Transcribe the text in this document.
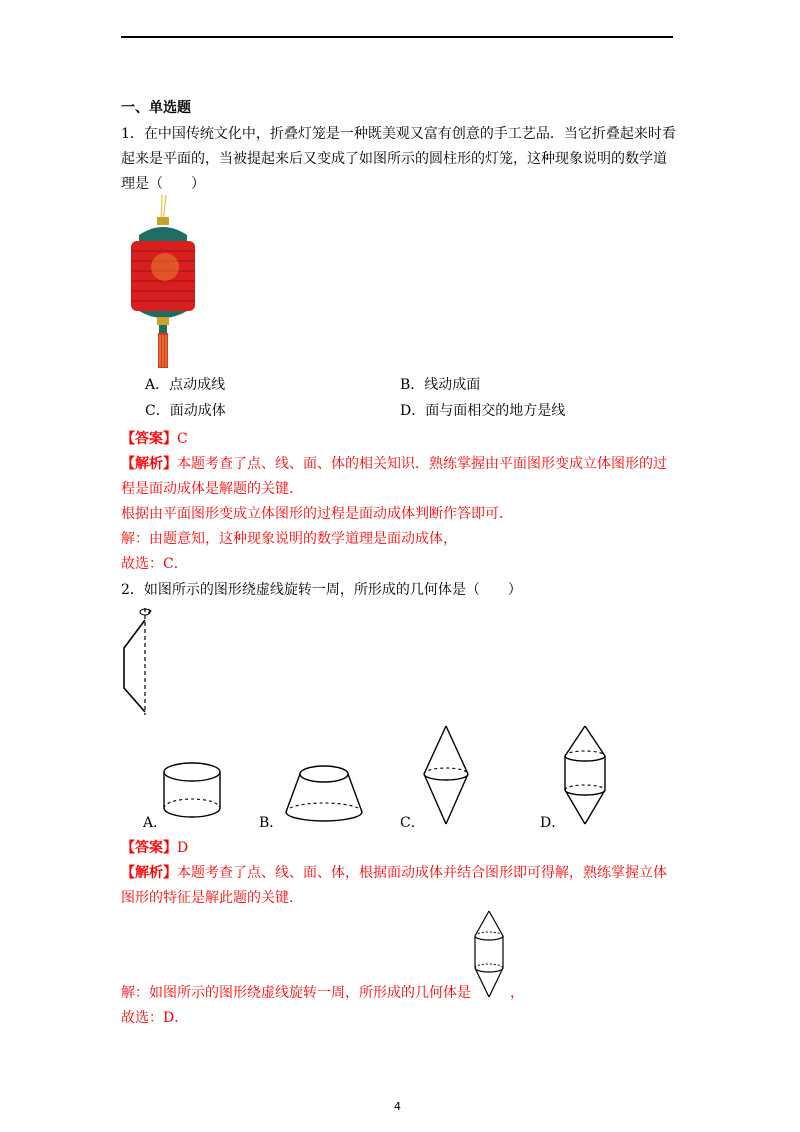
一、单选题
1．在中国传统文化中，折叠灯笼是一种既美观又富有创意的手工艺品．当它折叠起来时看
起来是平面的，当被提起来后又变成了如图所示的圆柱形的灯笼，这种现象说明的数学道
理是（　　）
A．点动成线	B．线动成面
C．面动成体	D．面与面相交的地方是线
【答案】C
【解析】本题考查了点、线、面、体的相关知识．熟练掌握由平面图形变成立体图形的过
程是面动成体是解题的关键．
根据由平面图形变成立体图形的过程是面动成体判断作答即可．
解：由题意知，这种现象说明的数学道理是面动成体，
故选：C．
2．如图所示的图形绕虚线旋转一周，所形成的几何体是（　　）
A．	B．	C．	D．
【答案】D
【解析】本题考查了点、线、面、体，根据面动成体并结合图形即可得解，熟练掌握立体
图形的特征是解此题的关键．
解：如图所示的图形绕虚线旋转一周，所形成的几何体是	，
故选：D．
4
